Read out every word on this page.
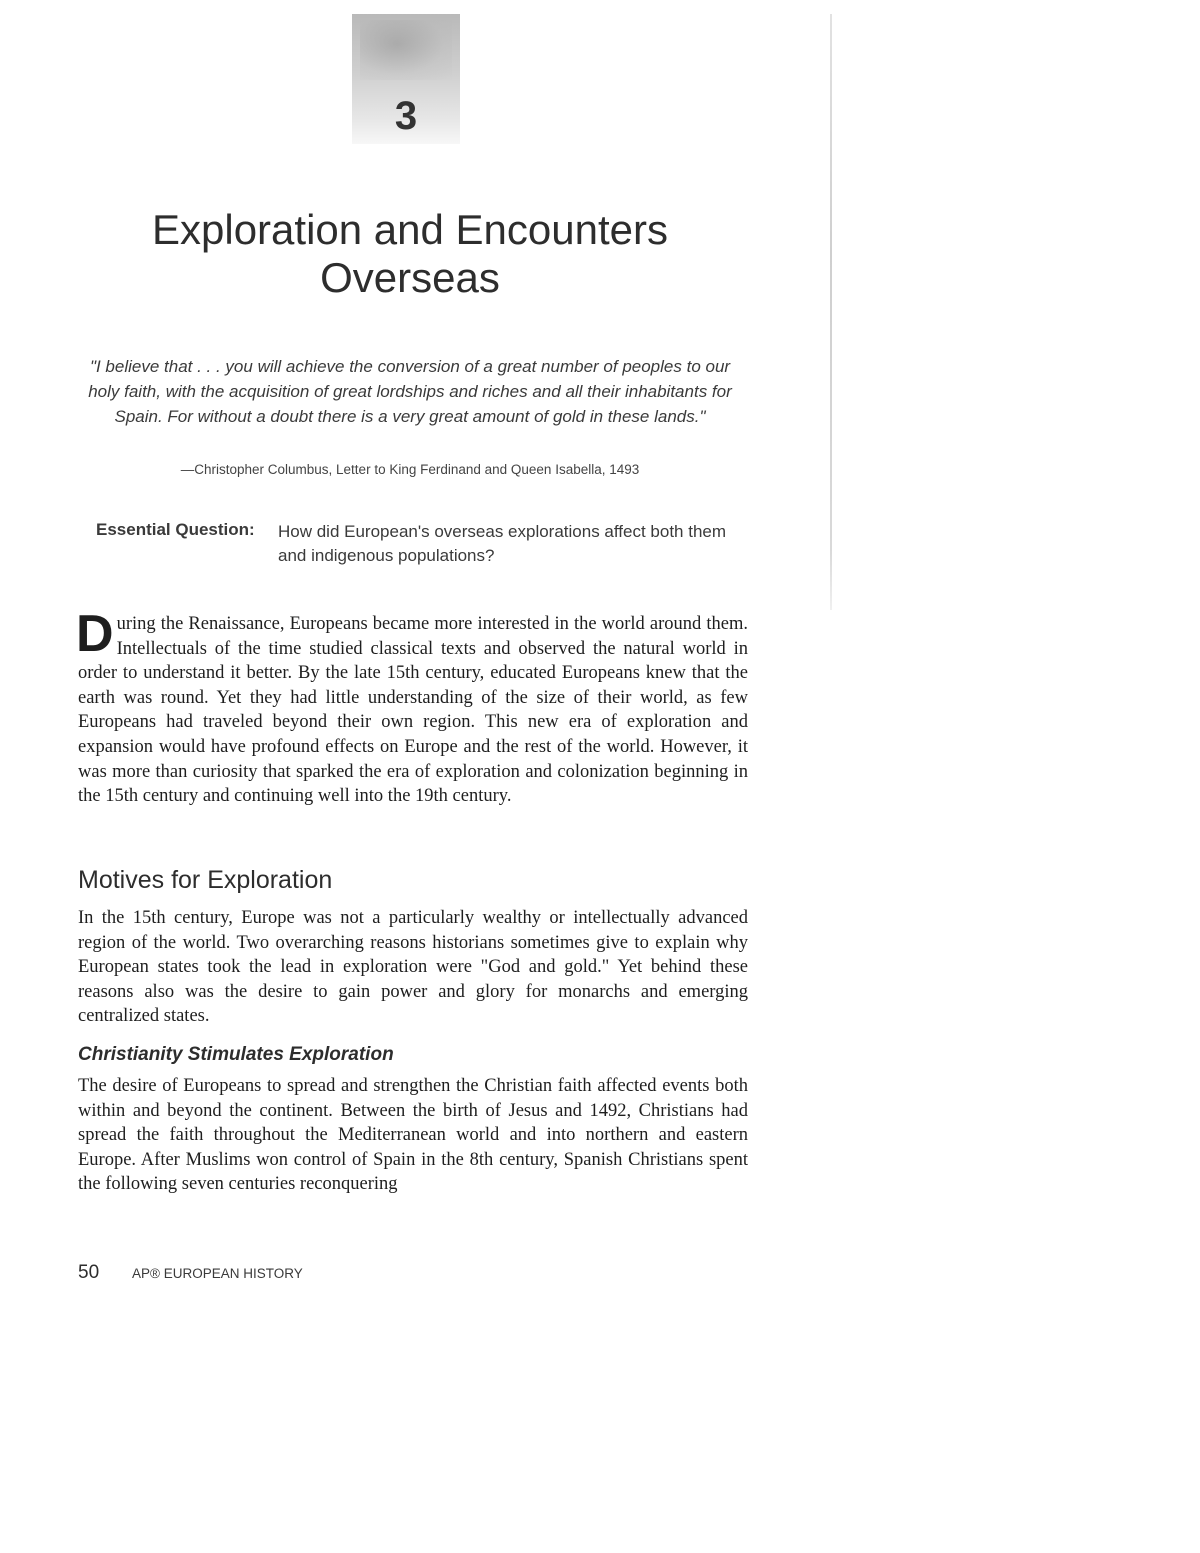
3
Exploration and Encounters
Overseas

"I believe that . . . you will achieve the conversion of a great number of peoples to our holy faith, with the acquisition of great lordships and riches and all their inhabitants for Spain. For without a doubt there is a very great amount of gold in these lands."

—Christopher Columbus, Letter to King Ferdinand and Queen Isabella, 1493
Essential Question: How did European's overseas explorations affect both them and indigenous populations?

During the Renaissance, Europeans became more interested in the world around them. Intellectuals of the time studied classical texts and observed the natural world in order to understand it better. By the late 15th century, educated Europeans knew that the earth was round. Yet they had little understanding of the size of their world, as few Europeans had traveled beyond their own region. This new era of exploration and expansion would have profound effects on Europe and the rest of the world. However, it was more than curiosity that sparked the era of exploration and colonization beginning in the 15th century and continuing well into the 19th century.

Motives for Exploration

In the 15th century, Europe was not a particularly wealthy or intellectually advanced region of the world. Two overarching reasons historians sometimes give to explain why European states took the lead in exploration were "God and gold." Yet behind these reasons also was the desire to gain power and glory for monarchs and emerging centralized states.

Christianity Stimulates Exploration

The desire of Europeans to spread and strengthen the Christian faith affected events both within and beyond the continent. Between the birth of Jesus and 1492, Christians had spread the faith throughout the Mediterranean world and into northern and eastern Europe. After Muslims won control of Spain in the 8th century, Spanish Christians spent the following seven centuries reconquering

50 AP® EUROPEAN HISTORY
